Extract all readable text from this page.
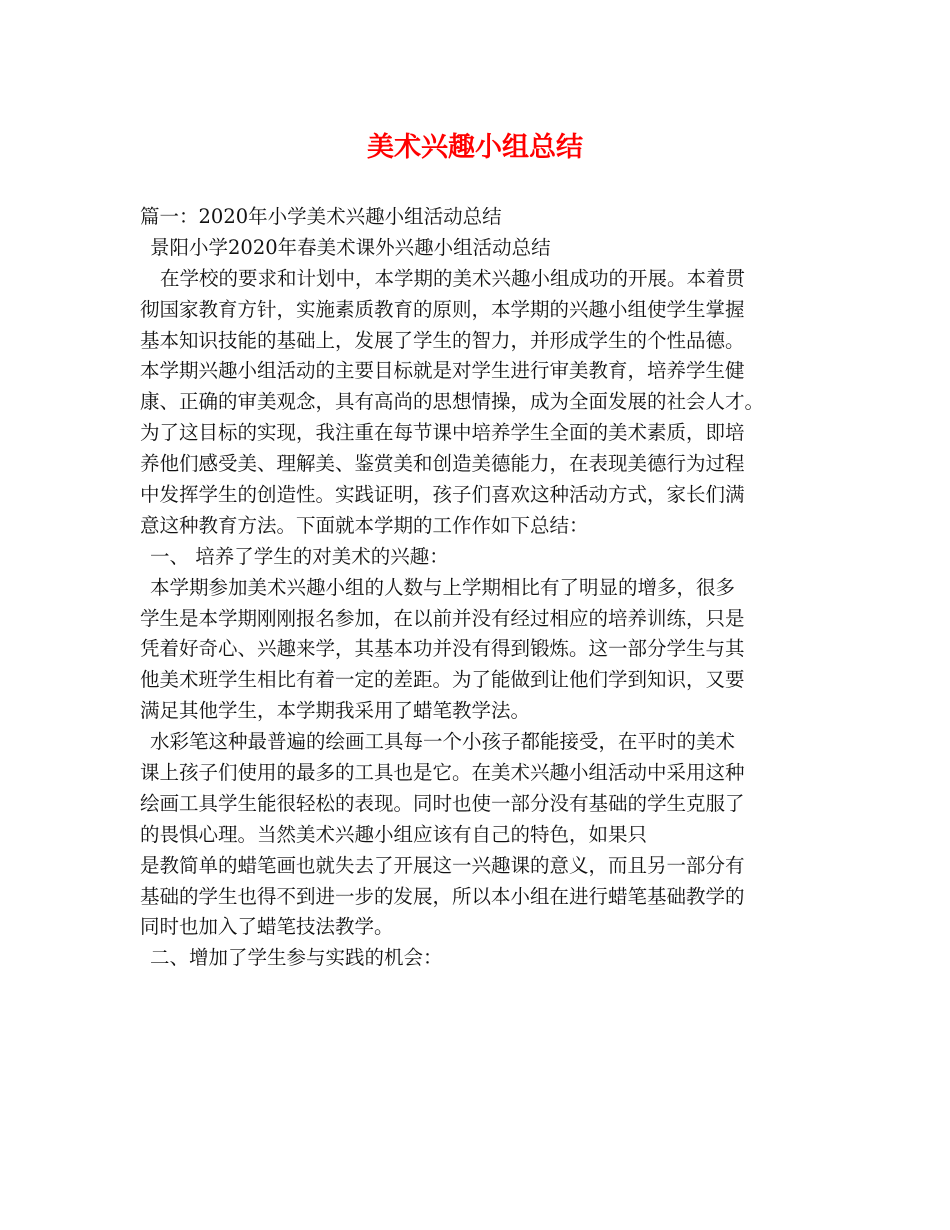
美术兴趣小组总结
篇一：2020年小学美术兴趣小组活动总结
景阳小学2020年春美术课外兴趣小组活动总结
在学校的要求和计划中，本学期的美术兴趣小组成功的开展。本着贯
彻国家教育方针，实施素质教育的原则，本学期的兴趣小组使学生掌握
基本知识技能的基础上，发展了学生的智力，并形成学生的个性品德。
本学期兴趣小组活动的主要目标就是对学生进行审美教育，培养学生健
康、正确的审美观念，具有高尚的思想情操，成为全面发展的社会人才。
为了这目标的实现，我注重在每节课中培养学生全面的美术素质，即培
养他们感受美、理解美、鉴赏美和创造美德能力，在表现美德行为过程
中发挥学生的创造性。实践证明，孩子们喜欢这种活动方式，家长们满
意这种教育方法。下面就本学期的工作作如下总结：
一、 培养了学生的对美术的兴趣：
本学期参加美术兴趣小组的人数与上学期相比有了明显的增多，很多
学生是本学期刚刚报名参加，在以前并没有经过相应的培养训练，只是
凭着好奇心、兴趣来学，其基本功并没有得到锻炼。这一部分学生与其
他美术班学生相比有着一定的差距。为了能做到让他们学到知识，又要
满足其他学生，本学期我采用了蜡笔教学法。
水彩笔这种最普遍的绘画工具每一个小孩子都能接受，在平时的美术
课上孩子们使用的最多的工具也是它。在美术兴趣小组活动中采用这种
绘画工具学生能很轻松的表现。同时也使一部分没有基础的学生克服了
的畏惧心理。当然美术兴趣小组应该有自己的特色，如果只
是教简单的蜡笔画也就失去了开展这一兴趣课的意义，而且另一部分有
基础的学生也得不到进一步的发展，所以本小组在进行蜡笔基础教学的
同时也加入了蜡笔技法教学。
二、增加了学生参与实践的机会：
